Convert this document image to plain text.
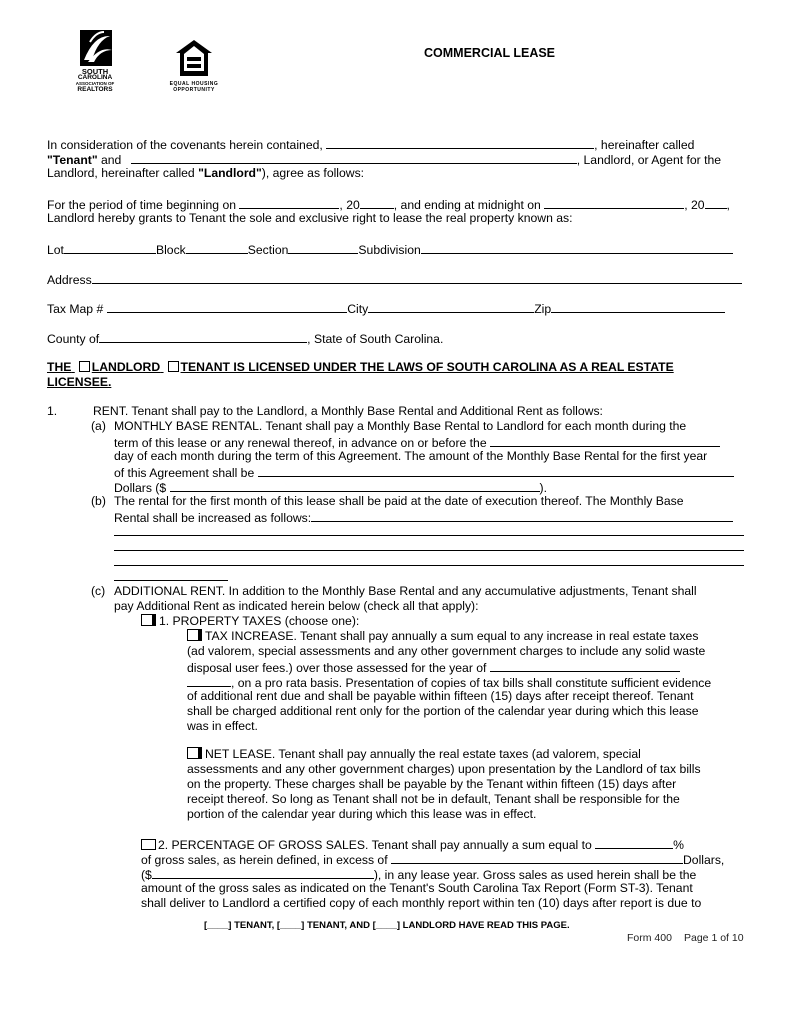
SOUTH
CAROLINA
ASSOCIATION OF
REALTORS
EQUAL HOUSING
OPPORTUNITY
COMMERCIAL LEASE
In consideration of the covenants herein contained,	, hereinafter called
"Tenant" and	, Landlord, or Agent for the
Landlord, hereinafter called "Landlord"), agree as follows:
For the period of time beginning on	, 20	, and ending at midnight on	, 20 ,
Landlord hereby grants to Tenant the sole and exclusive right to lease the real property known as:
Lot	Block	Section	Subdivision
Address
Tax Map #	City	Zip
County of	, State of South Carolina.
THE LANDLORD TENANT IS LICENSED UNDER THE LAWS OF SOUTH CAROLINA AS A REAL ESTATE
LICENSEE.
1.	RENT. Tenant shall pay to the Landlord, a Monthly Base Rental and Additional Rent as follows:
(a) MONTHLY BASE RENTAL. Tenant shall pay a Monthly Base Rental to Landlord for each month during the
term of this lease or any renewal thereof, in advance on or before the
day of each month during the term of this Agreement. The amount of the Monthly Base Rental for the first year
of this Agreement shall be
Dollars ($	).
(b) The rental for the first month of this lease shall be paid at the date of execution thereof. The Monthly Base
Rental shall be increased as follows:
(c) ADDITIONAL RENT. In addition to the Monthly Base Rental and any accumulative adjustments, Tenant shall
pay Additional Rent as indicated herein below (check all that apply):
1. PROPERTY TAXES (choose one):
TAX INCREASE. Tenant shall pay annually a sum equal to any increase in real estate taxes
(ad valorem, special assessments and any other government charges to include any solid waste
disposal user fees.) over those assessed for the year of
, on a pro rata basis. Presentation of copies of tax bills shall constitute sufficient evidence
of additional rent due and shall be payable within fifteen (15) days after receipt thereof. Tenant
shall be charged additional rent only for the portion of the calendar year during which this lease
was in effect.
NET LEASE. Tenant shall pay annually the real estate taxes (ad valorem, special
assessments and any other government charges) upon presentation by the Landlord of tax bills
on the property. These charges shall be payable by the Tenant within fifteen (15) days after
receipt thereof. So long as Tenant shall not be in default, Tenant shall be responsible for the
portion of the calendar year during which this lease was in effect.
2. PERCENTAGE OF GROSS SALES. Tenant shall pay annually a sum equal to	%
of gross sales, as herein defined, in excess of	Dollars,
($	), in any lease year. Gross sales as used herein shall be the
amount of the gross sales as indicated on the Tenant's South Carolina Tax Report (Form ST-3). Tenant
shall deliver to Landlord a certified copy of each monthly report within ten (10) days after report is due to
[____] TENANT, [____] TENANT, AND [____] LANDLORD HAVE READ THIS PAGE.
Form 400 Page 1 of 10
